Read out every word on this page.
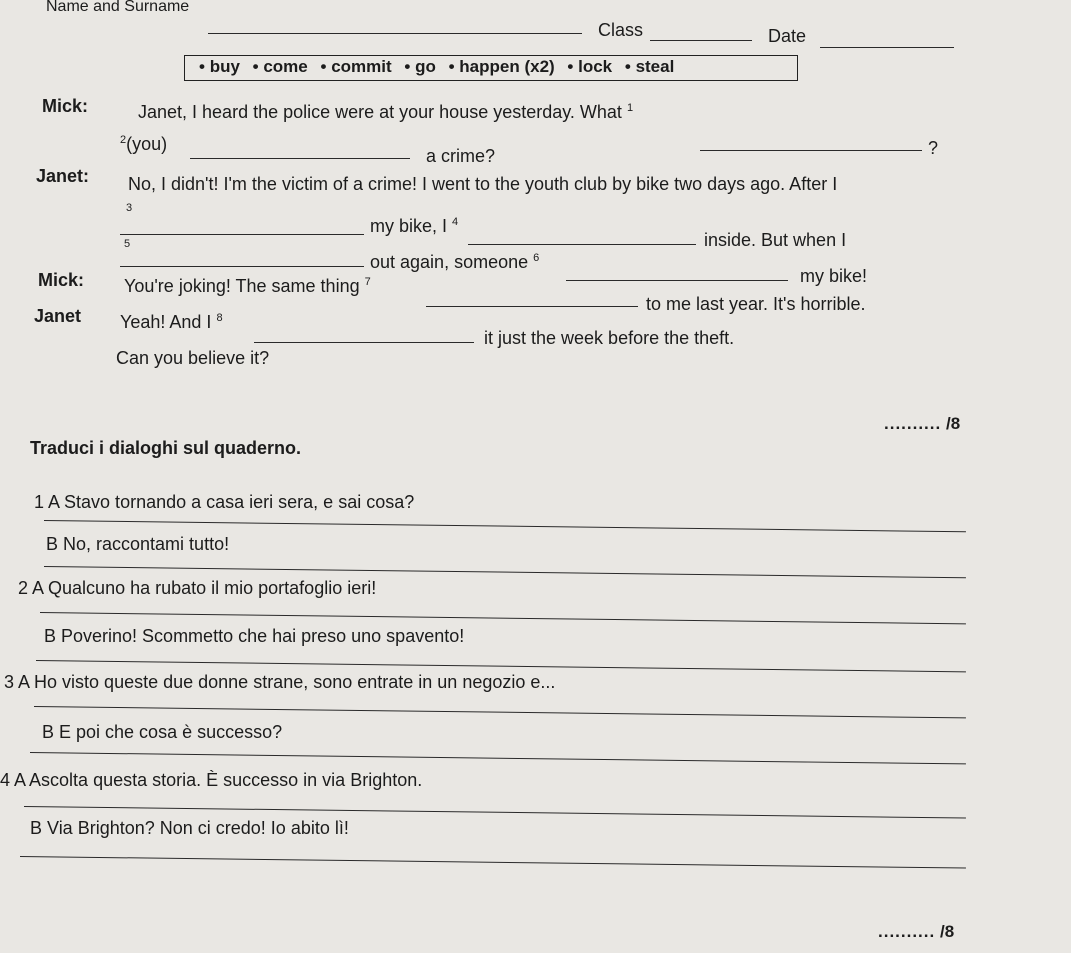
Name and Surname
Class	Date
• buy • come • commit • go • happen (x2) • lock • steal
Mick:	Janet, I heard the police were at your house yesterday. What $^1$
?
$^2$(you)
a crime?
Janet: No, I didn't! I'm the victim of a crime! I went to the youth club by bike two days ago. After I
3
my bike, I $^4$
inside. But when I
5
out again, someone $^6$
my bike!
Mick: You're joking! The same thing $^7$
to me last year. It's horrible.
Janet Yeah! And I $^8$
it just the week before the theft.
Can you believe it?
.......... /8
Traduci i dialoghi sul quaderno.
1 A Stavo tornando a casa ieri sera, e sai cosa?
B No, raccontami tutto!
2 A Qualcuno ha rubato il mio portafoglio ieri!
B Poverino! Scommetto che hai preso uno spavento!
3 A Ho visto queste due donne strane, sono entrate in un negozio e...
B E poi che cosa è successo?
4 A Ascolta questa storia. È successo in via Brighton.
B Via Brighton? Non ci credo! Io abito lì!
.......... /8
